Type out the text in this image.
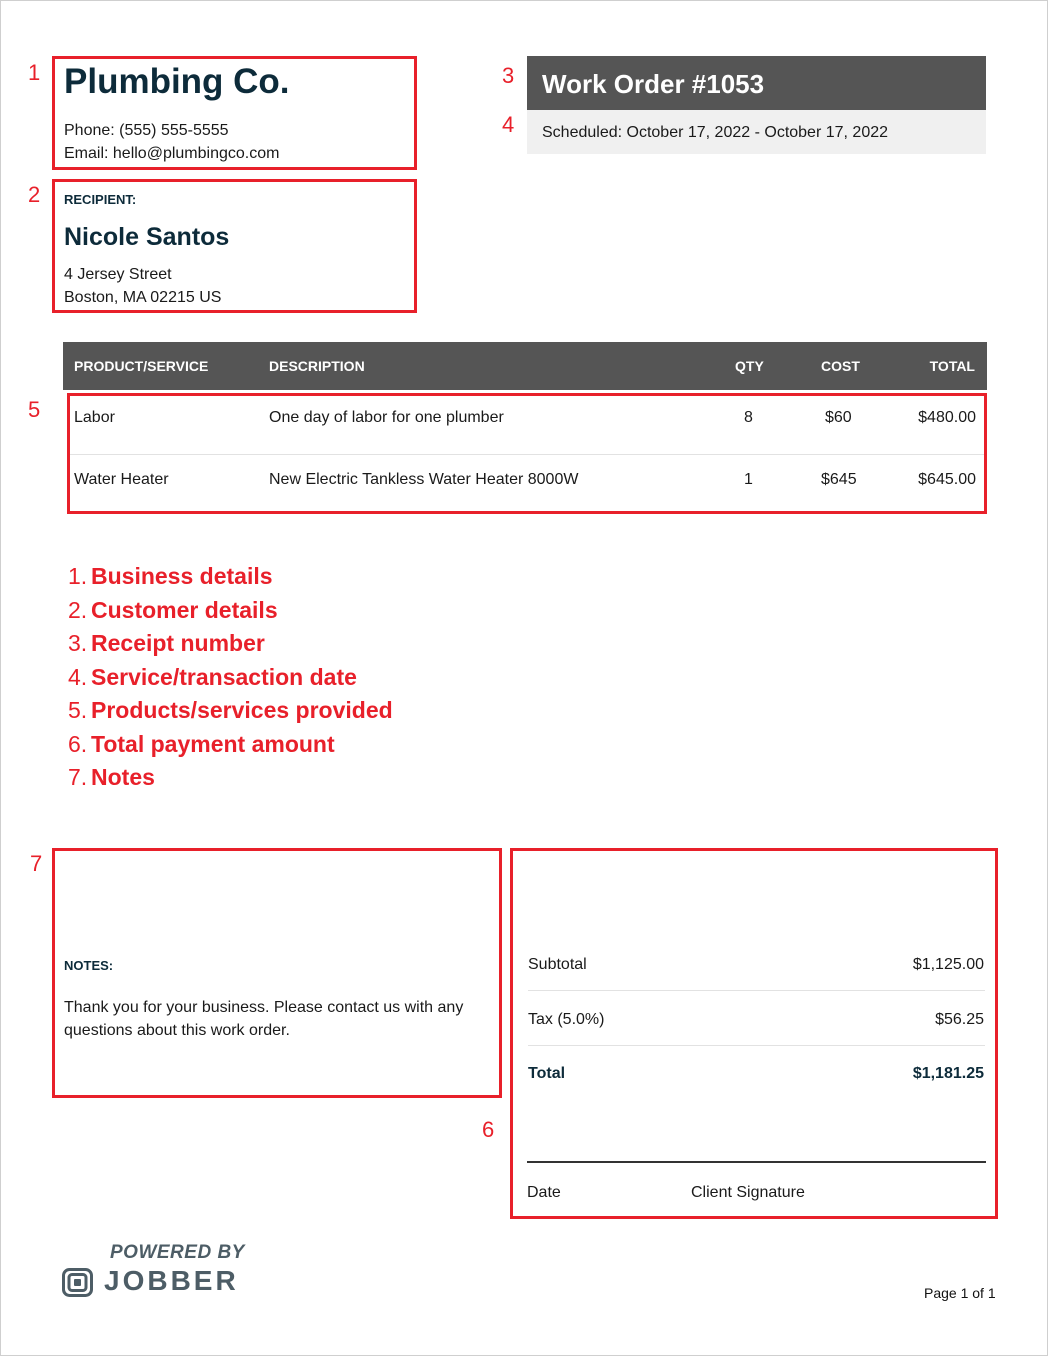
1 Plumbing Co.
Phone: (555) 555-5555
Email: hello@plumbingco.com
2 RECIPIENT:
Nicole Santos
4 Jersey Street
Boston, MA 02215 US
3
4
Work Order #1053
Scheduled: October 17, 2022 - October 17, 2022
PRODUCT/SERVICE	DESCRIPTION	QTY	COST	TOTAL
5 Labor	One day of labor for one plumber	8	$60	$480.00
Water Heater	New Electric Tankless Water Heater 8000W	1	$645	$645.00
1. Business details
2. Customer details
3. Receipt number
4. Service/transaction date
5. Products/services provided
6. Total payment amount
7. Notes
7
NOTES:
Thank you for your business. Please contact us with any questions about this work order.
6
Subtotal	$1,125.00
Tax (5.0%)	$56.25
Total	$1,181.25
Date	Client Signature
POWERED BY
JOBBER	Page 1 of 1
